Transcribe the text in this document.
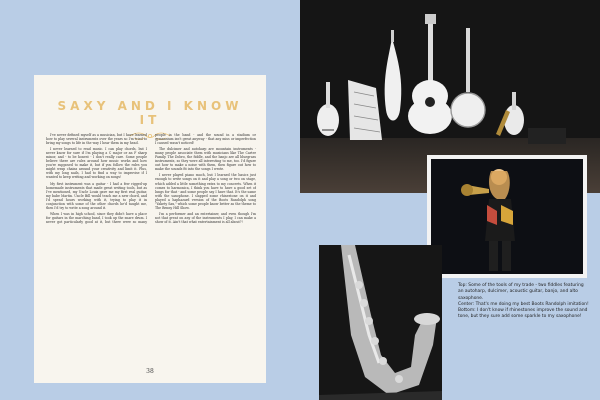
SAXY AND I KNOW IT

I've never defined myself as a musician, but I have learned how to play several instruments over the years so I'm tried to bring my songs to life in the way I hear them in my head.

I never learned to read music. I can play chords, but I never know for sure if I'm playing a C major or an F sharp minor, and - to be honest - I don't really care. Some people believe there are rules around how music works and how you're supposed to make it, but if you follow the rules you might wrap chains around your creativity and limit it. Plus, with my long nails, I had to find a way to improvise if I wanted to keep writing and working on songs!

My first instrument was a guitar - I had a few rigged-up homemade instruments that made great writing tools, but as I've mentioned, my Uncle Louis gave me my first real guitar, my babe Martin. Uncle Bill would teach me a new chord, and I'd spend hours working with it, trying to play it in conjunction with some of the other chords he'd taught me, then I'd try to write a song around it.

When I was in high school, since they didn't have a place for guitars in the marching band, I took up the snare drum. I never got particularly good at it, but there were so many people in the band - and the sound in a stadium or gymnasium isn't great anyway - that any miss or imperfection I caused wasn't noticed!

The dulcimer and autoharp are mountain instruments - many people associate them with musicians like The Carter Family. The Dobro, the fiddle, and the banjo are all bluegrass instruments, so they were all interesting to me, too. I'd figure out how to make a noise with them, then figure out how to make the sounds fit into the songs I wrote.

I never played piano much, but I learned the basics just enough to write songs on it and play a song or two on stage, which added a little something extra to my concerts. When it comes to harmonica, I think you have to have a good set of lungs for that - and some people say I have that. It's the same with the saxophone. I slapped some rhinestone on it and played a haphazard version of the Boots Randolph song "Yakety Sax," which some people know better as the theme to The Benny Hill Show.

I'm a performer and an entertainer, and even though I'm not that great on any of the instruments I play, I can make a show of it. Ain't that what entertainment is all about?!

38

Top: Some of the tools of my trade - two fiddles featuring an autoharp, dulcimer, acoustic guitar, banjo, and alto saxophone.

Center: That's me doing my best Boots Randolph imitation!

Bottom: I don't know if rhinestones improve the sound and tone, but they sure add some sparkle to my saxophone!
